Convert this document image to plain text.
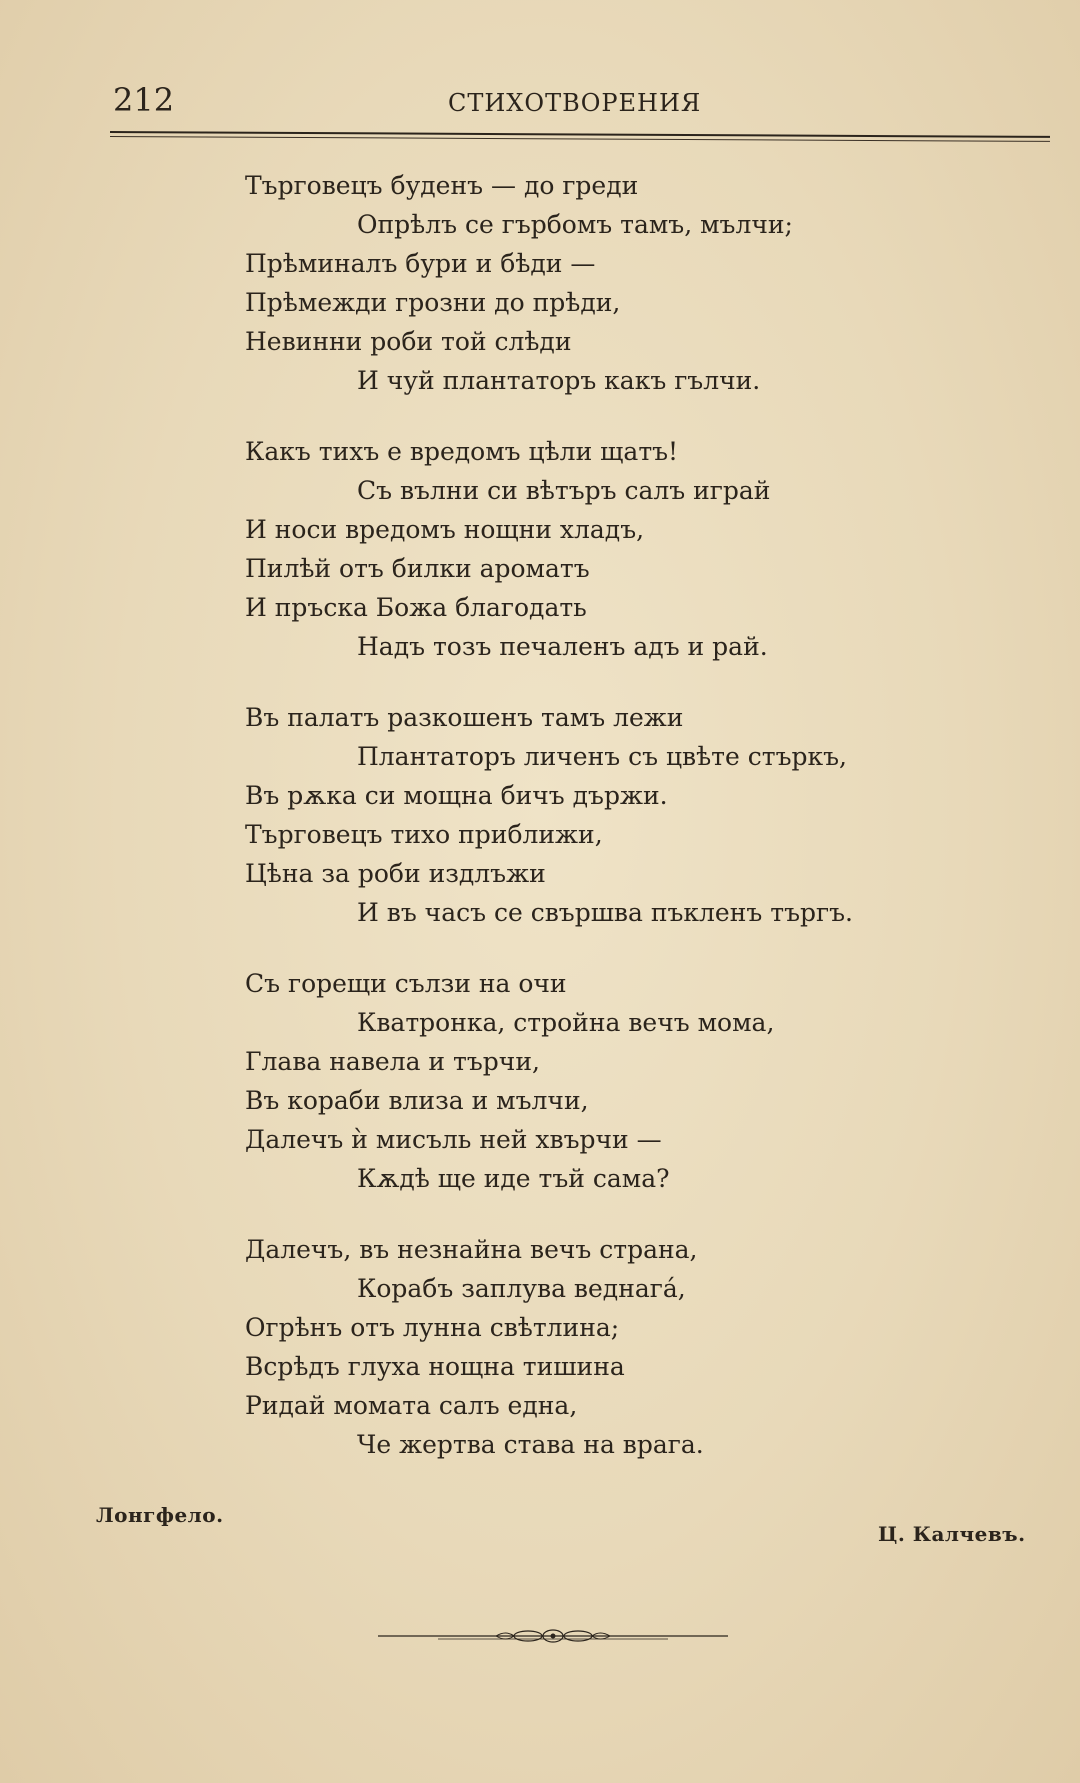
212	СТИХОТВОРЕНИЯ
Търговецъ буденъ — до греди
Опрѣлъ се гърбомъ тамъ, мълчи;
Прѣминалъ бури и бѣди —
Прѣмежди грозни до прѣди,
Невинни роби той слѣди
И чуй плантаторъ какъ гълчи.
Какъ тихъ е вредомъ цѣли щатъ!
Съ вълни си вѣтъръ салъ играй
И носи вредомъ нощни хладъ,
Пилѣй отъ билки ароматъ
И пръска Божа благодать
Надъ тозъ печаленъ адъ и рай.
Въ палатъ разкошенъ тамъ лежи
Плантаторъ личенъ съ цвѣте стъркъ,
Въ рѫка си мощна бичъ държи.
Търговецъ тихо приближи,
Цѣна за роби издлъжи
И въ часъ се свършва пъкленъ търгъ.
Съ горещи сълзи на очи
Кватронка, стройна вечъ мома,
Глава навела и търчи,
Въ кораби влиза и мълчи,
Далечъ ѝ мисъль ней хвърчи —
Кѫдѣ ще иде тъй сама?
Далечъ, въ незнайна вечъ страна,
Корабъ заплува веднага́,
Огрѣнъ отъ лунна свѣтлина;
Всрѣдъ глуха нощна тишина
Ридай момата салъ една,
Че жертва става на врага.
Лонгфело.
Ц. Калчевъ.
